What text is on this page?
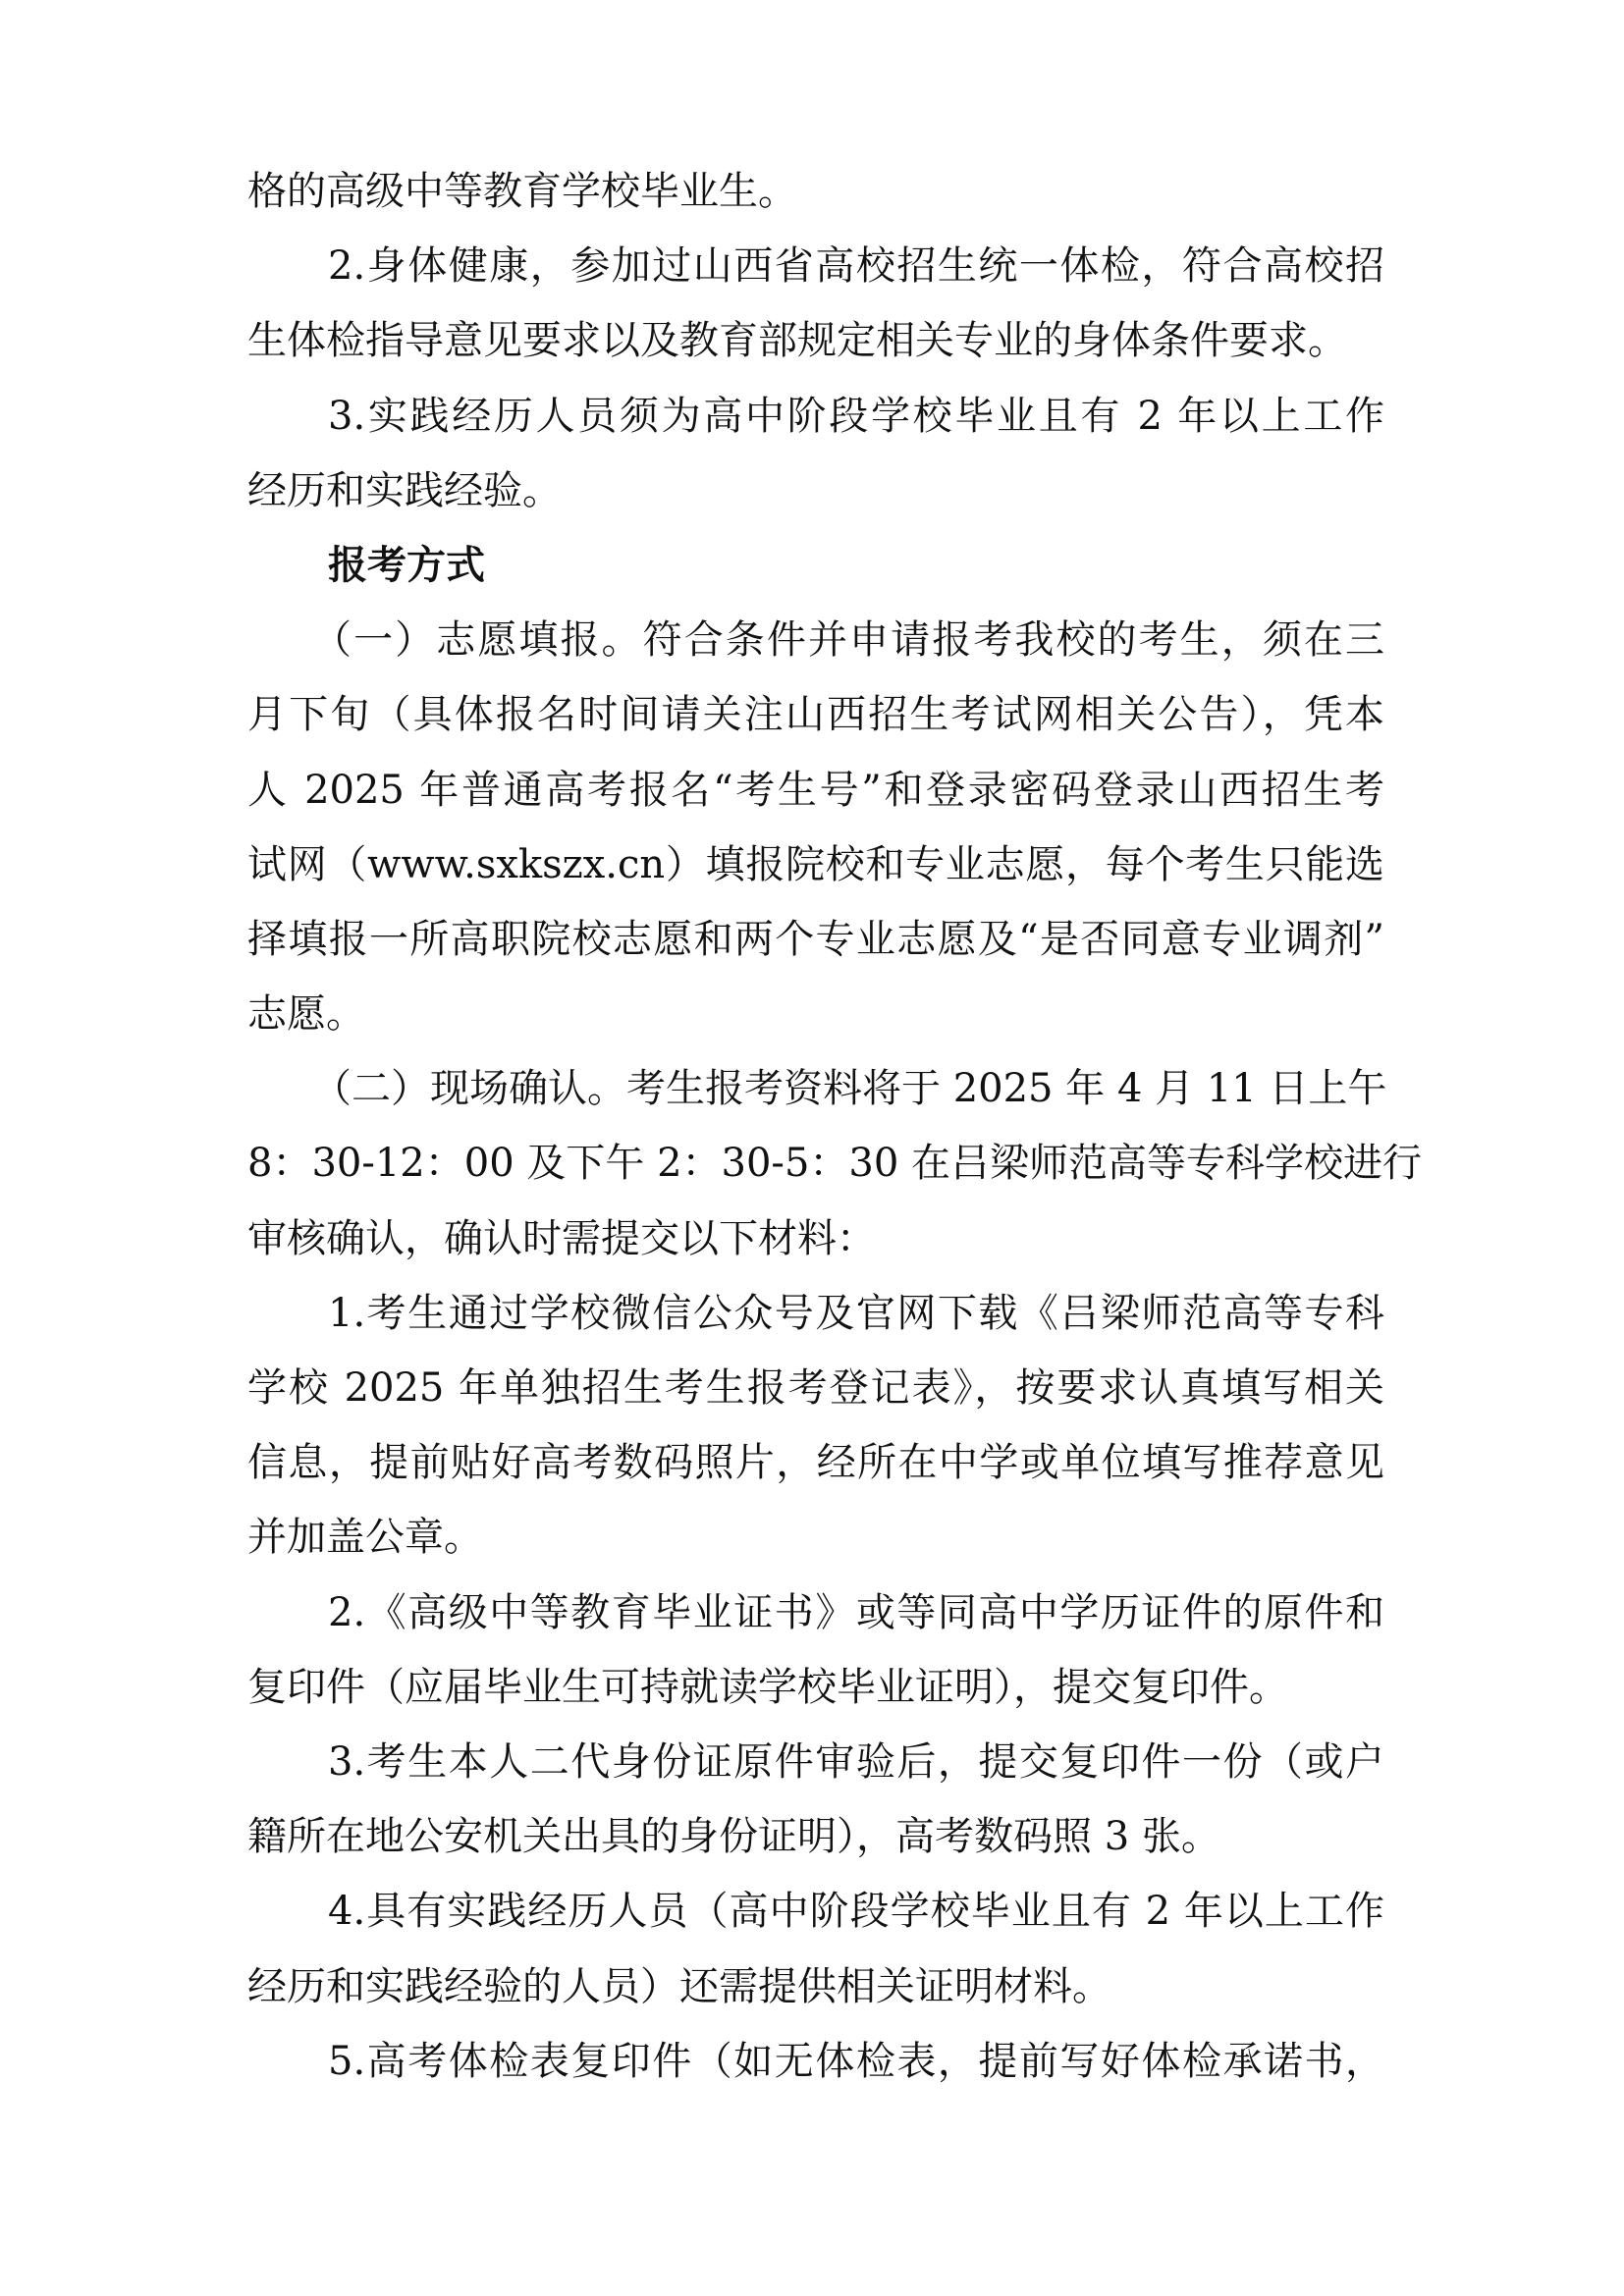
格的高级中等教育学校毕业生。
2.身体健康，参加过山西省高校招生统一体检，符合高校招
生体检指导意见要求以及教育部规定相关专业的身体条件要求。
3.实践经历人员须为高中阶段学校毕业且有 2 年以上工作
经历和实践经验。
报考方式
（一）志愿填报。符合条件并申请报考我校的考生，须在三
月下旬（具体报名时间请关注山西招生考试网相关公告），凭本
人 2025 年普通高考报名“考生号”和登录密码登录山西招生考
试网（www.sxkszx.cn）填报院校和专业志愿，每个考生只能选
择填报一所高职院校志愿和两个专业志愿及“是否同意专业调剂”
志愿。
（二）现场确认。考生报考资料将于 2025 年 4 月 11 日上午
8：30-12：00 及下午 2：30-5：30 在吕梁师范高等专科学校进行
审核确认，确认时需提交以下材料：
1.考生通过学校微信公众号及官网下载《吕梁师范高等专科
学校 2025 年单独招生考生报考登记表》，按要求认真填写相关
信息，提前贴好高考数码照片，经所在中学或单位填写推荐意见
并加盖公章。
2.《高级中等教育毕业证书》或等同高中学历证件的原件和
复印件（应届毕业生可持就读学校毕业证明），提交复印件。
3.考生本人二代身份证原件审验后，提交复印件一份（或户
籍所在地公安机关出具的身份证明），高考数码照 3 张。
4.具有实践经历人员（高中阶段学校毕业且有 2 年以上工作
经历和实践经验的人员）还需提供相关证明材料。
5.高考体检表复印件（如无体检表，提前写好体检承诺书，
